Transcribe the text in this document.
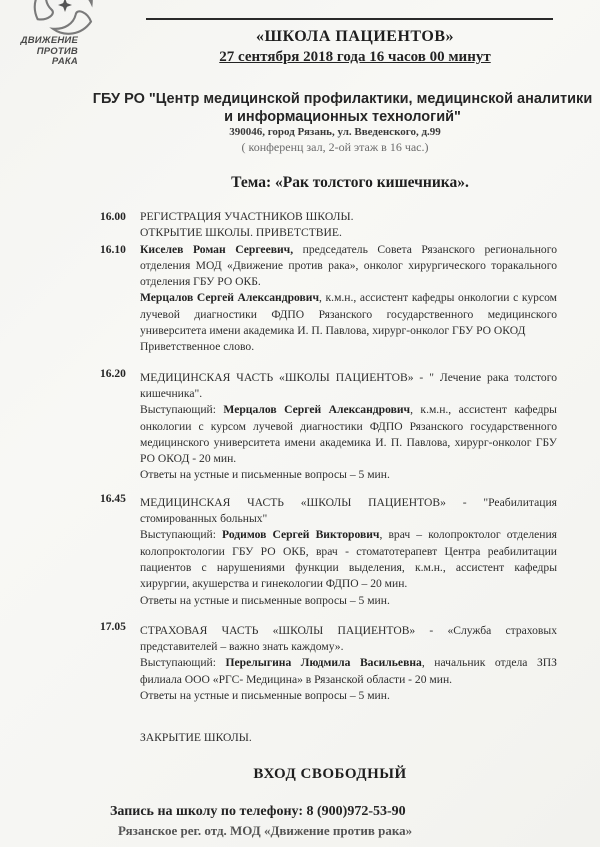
ДВИЖЕНИЕ
ПРОТИВ
РАКА
«ШКОЛА ПАЦИЕНТОВ»
27 сентября 2018 года 16 часов 00 минут
ГБУ РО "Центр медицинской профилактики, медицинской аналитики
и информационных технологий"
390046, город Рязань, ул. Введенского, д.99
( конференц зал, 2-ой этаж в 16 час.)
Тема: «Рак толстого кишечника».
16.00	РЕГИСТРАЦИЯ УЧАСТНИКОВ ШКОЛЫ.
ОТКРЫТИЕ ШКОЛЫ. ПРИВЕТСТВИЕ.
16.10	Киселев Роман Сергеевич, председатель Совета Рязанского регионального отделения МОД «Движение против рака», онколог хирургического торакального отделения ГБУ РО ОКБ.
Мерцалов Сергей Александрович, к.м.н., ассистент кафедры онкологии с курсом лучевой диагностики ФДПО Рязанского государственного медицинского университета имени академика И. П. Павлова, хирург-онколог ГБУ РО ОКОД
Приветственное слово.
16.20	МЕДИЦИНСКАЯ ЧАСТЬ «ШКОЛЫ ПАЦИЕНТОВ» - " Лечение рака толстого кишечника".
Выступающий: Мерцалов Сергей Александрович, к.м.н., ассистент кафедры онкологии с курсом лучевой диагностики ФДПО Рязанского государственного медицинского университета имени академика И. П. Павлова, хирург-онколог ГБУ РО ОКОД - 20 мин.
Ответы на устные и письменные вопросы – 5 мин.
16.45	МЕДИЦИНСКАЯ ЧАСТЬ «ШКОЛЫ ПАЦИЕНТОВ» - "Реабилитация стомированных больных"
Выступающий: Родимов Сергей Викторович, врач – колопроктолог отделения колопроктологии ГБУ РО ОКБ, врач - стоматотерапевт Центра реабилитации пациентов с нарушениями функции выделения, к.м.н., ассистент кафедры хирургии, акушерства и гинекологии ФДПО – 20 мин.
Ответы на устные и письменные вопросы – 5 мин.
17.05	СТРАХОВАЯ ЧАСТЬ «ШКОЛЫ ПАЦИЕНТОВ» - «Служба страховых представителей – важно знать каждому».
Выступающий: Перелыгина Людмила Васильевна, начальник отдела ЗПЗ филиала ООО «РГС- Медицина» в Рязанской области - 20 мин.
Ответы на устные и письменные вопросы – 5 мин.
ЗАКРЫТИЕ ШКОЛЫ.
ВХОД СВОБОДНЫЙ
Запись на школу по телефону: 8 (900)972-53-90
Рязанское рег. отд. МОД «Движение против рака»
